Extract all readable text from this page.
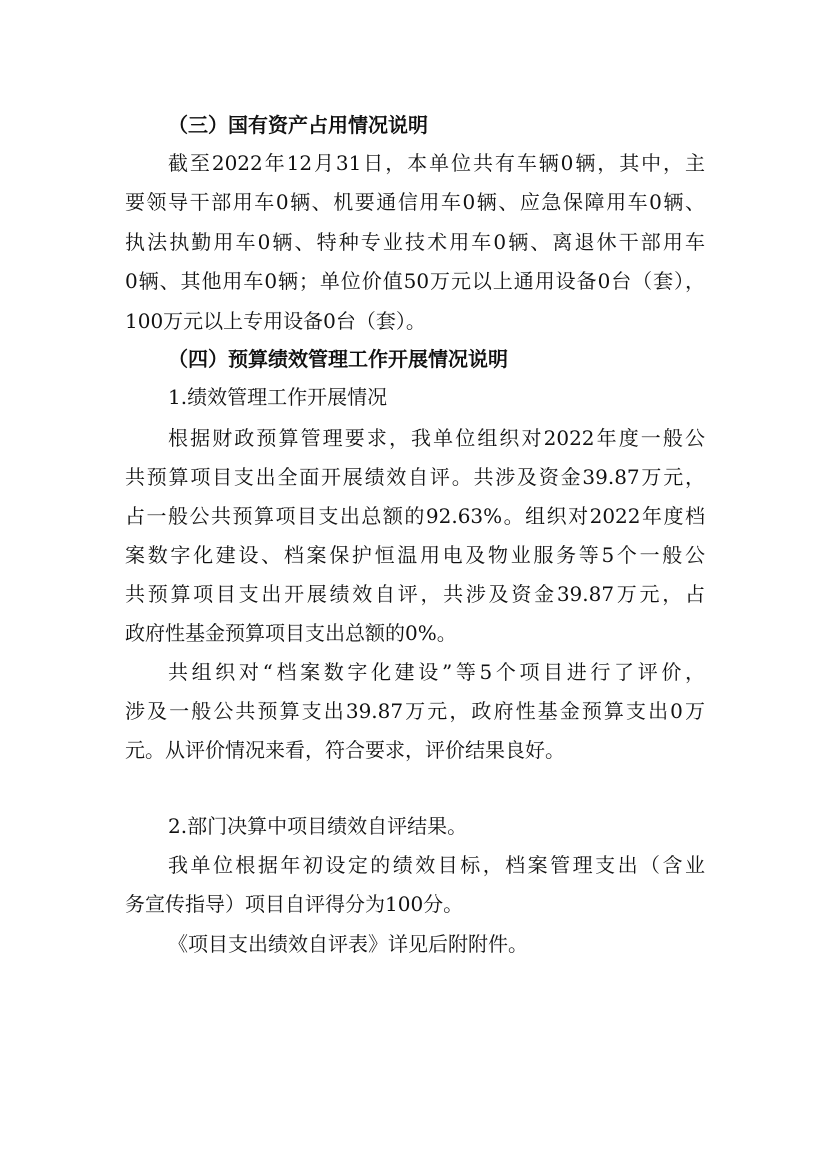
（三）国有资产占用情况说明
截至2022年12月31日，本单位共有车辆0辆，其中，主
要领导干部用车0辆、机要通信用车0辆、应急保障用车0辆、
执法执勤用车0辆、特种专业技术用车0辆、离退休干部用车
0辆、其他用车0辆；单位价值50万元以上通用设备0台（套），
100万元以上专用设备0台（套）。
（四）预算绩效管理工作开展情况说明
1.绩效管理工作开展情况
根据财政预算管理要求，我单位组织对2022年度一般公
共预算项目支出全面开展绩效自评。共涉及资金39.87万元，
占一般公共预算项目支出总额的92.63%。组织对2022年度档
案数字化建设、档案保护恒温用电及物业服务等5个一般公
共预算项目支出开展绩效自评，共涉及资金39.87万元，占
政府性基金预算项目支出总额的0%。
共组织对“档案数字化建设”等5个项目进行了评价，
涉及一般公共预算支出39.87万元，政府性基金预算支出0万
元。从评价情况来看，符合要求，评价结果良好。
2.部门决算中项目绩效自评结果。
我单位根据年初设定的绩效目标，档案管理支出（含业
务宣传指导）项目自评得分为100分。
《项目支出绩效自评表》详见后附附件。
